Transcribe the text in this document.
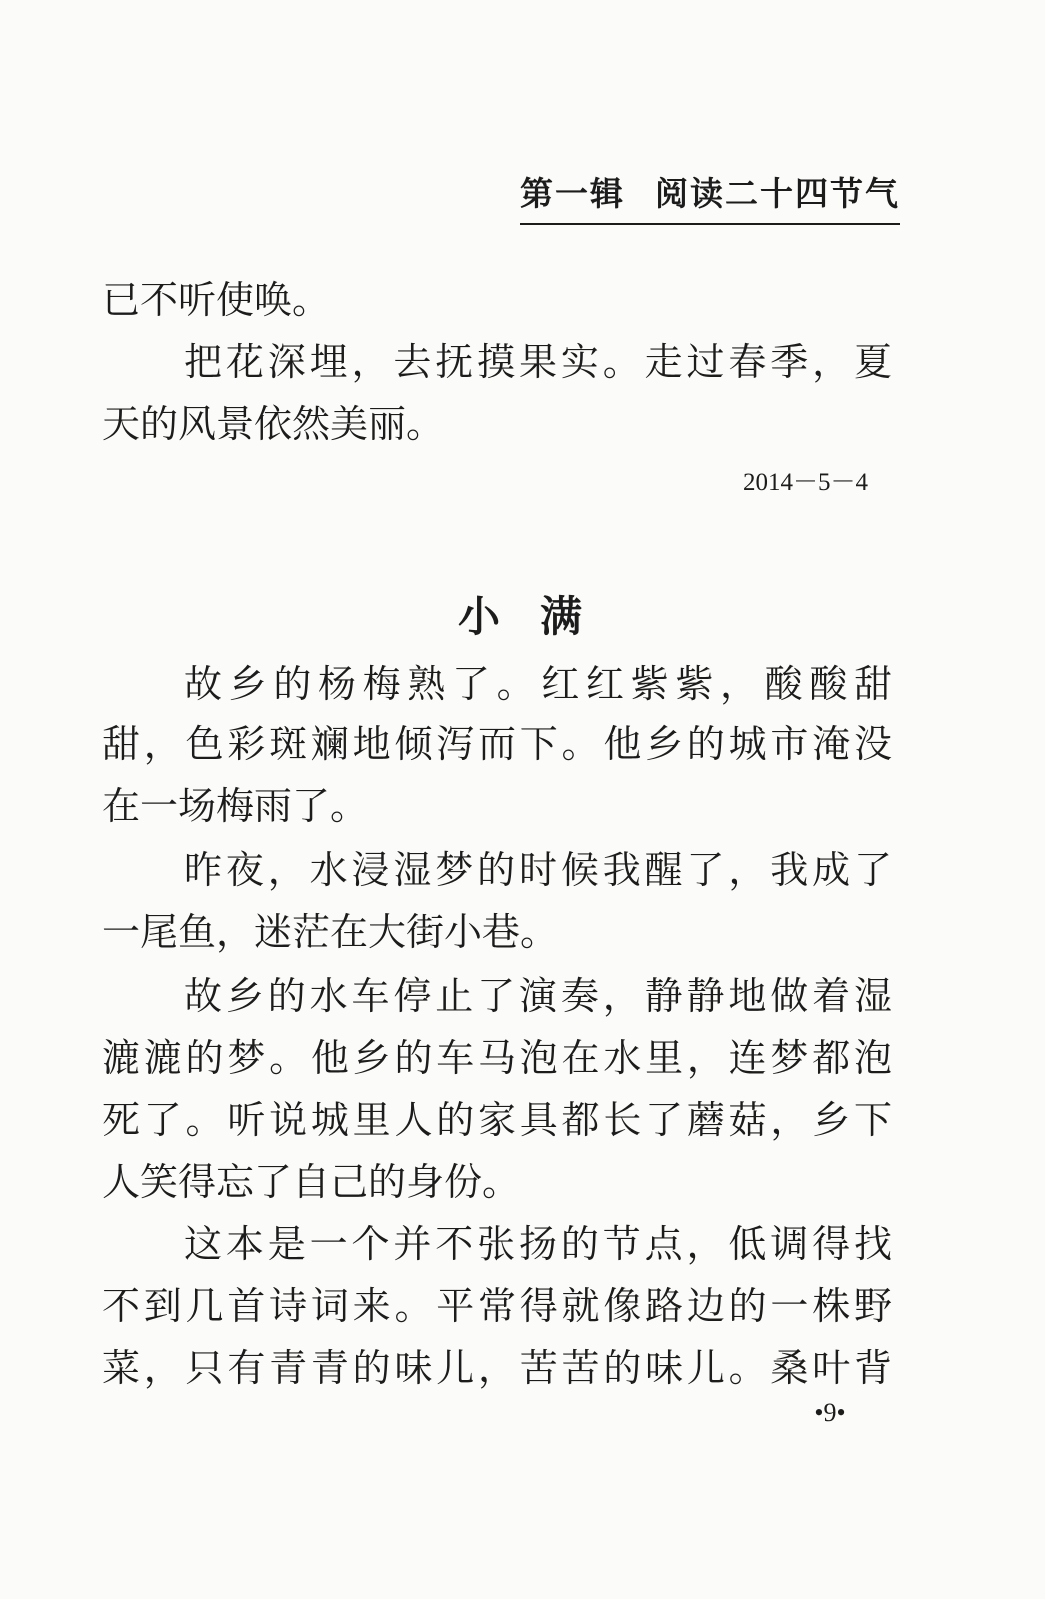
第一辑 阅读二十四节气
已不听使唤。
把花深埋，去抚摸果实。走过春季，夏
天的风景依然美丽。
2014－5－4
小满
故乡的杨梅熟了。红红紫紫，酸酸甜
甜，色彩斑斓地倾泻而下。他乡的城市淹没
在一场梅雨了。
昨夜，水浸湿梦的时候我醒了，我成了
一尾鱼，迷茫在大街小巷。
故乡的水车停止了演奏，静静地做着湿
漉漉的梦。他乡的车马泡在水里，连梦都泡
死了。听说城里人的家具都长了蘑菇，乡下
人笑得忘了自己的身份。
这本是一个并不张扬的节点，低调得找
不到几首诗词来。平常得就像路边的一株野
菜，只有青青的味儿，苦苦的味儿。桑叶背
•9•
